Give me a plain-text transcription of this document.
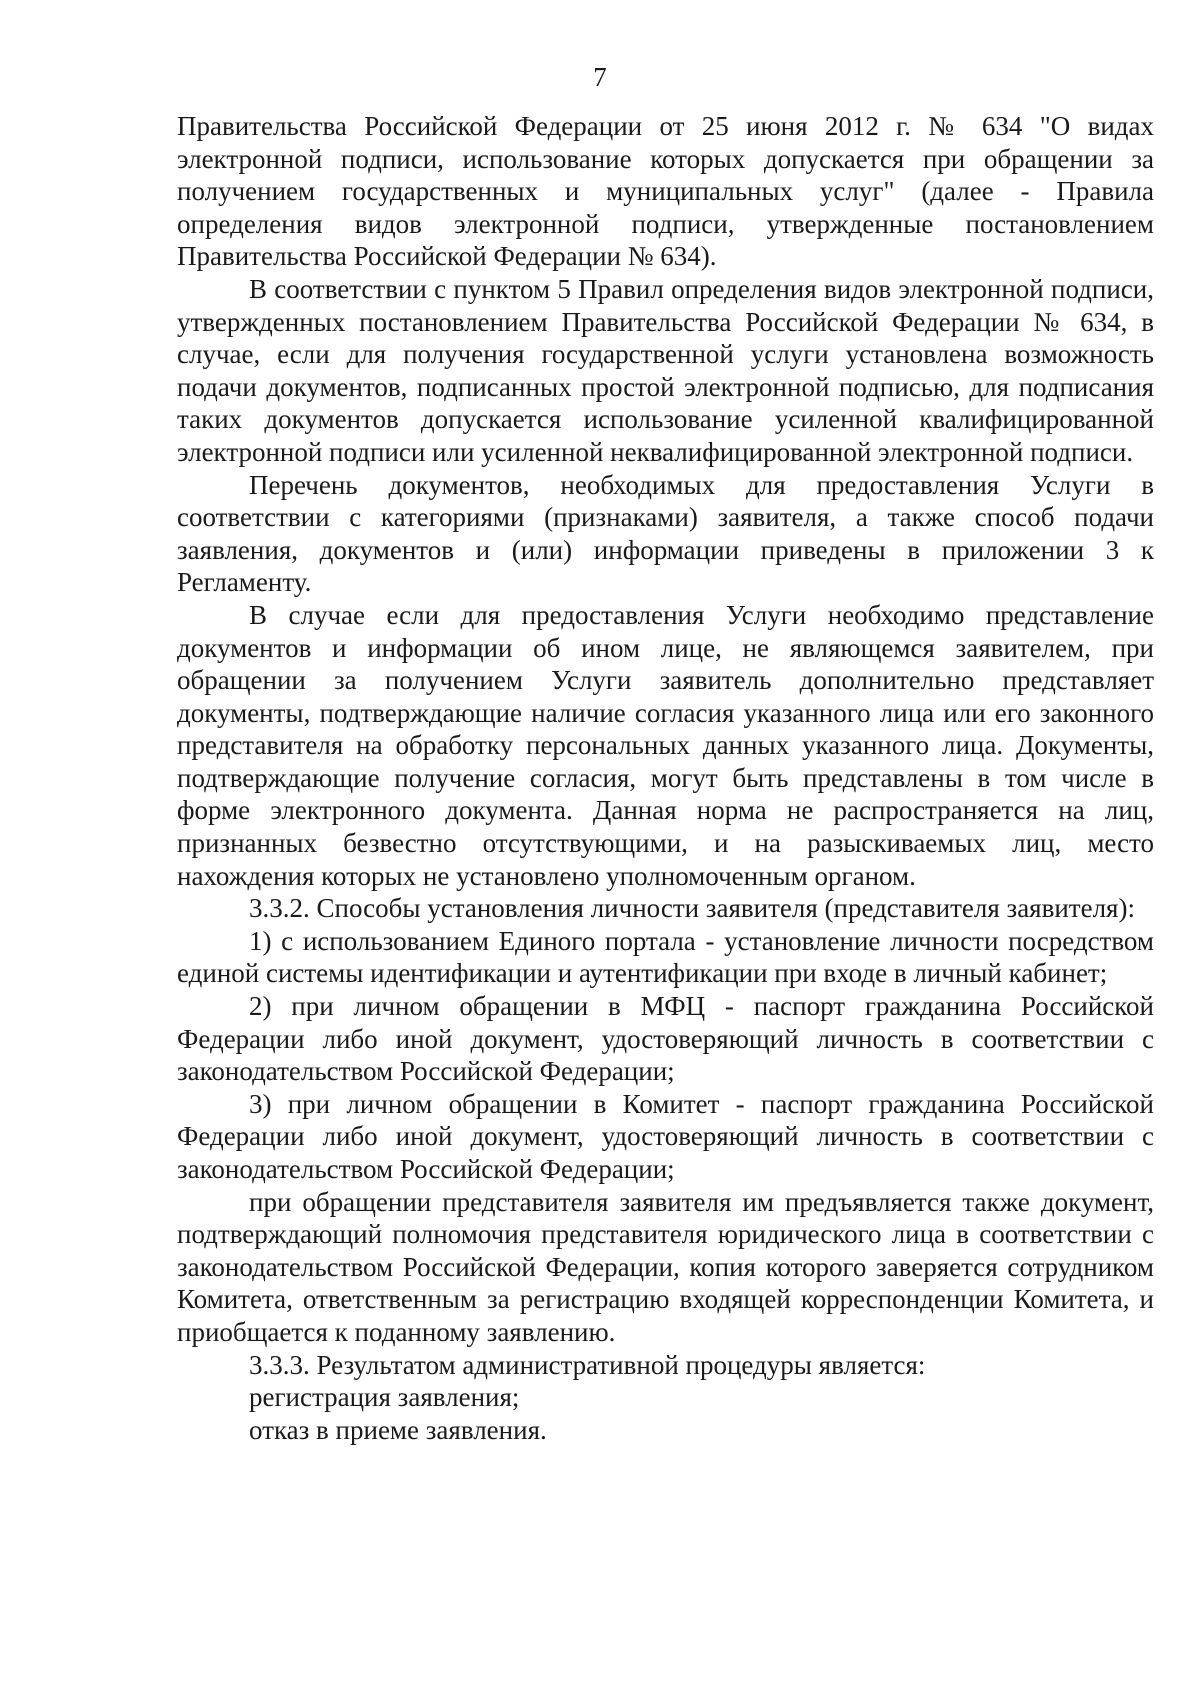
7

Правительства Российской Федерации от 25 июня 2012 г. № 634 "О видах электронной подписи, использование которых допускается при обращении за получением государственных и муниципальных услуг" (далее - Правила определения видов электронной подписи, утвержденные постановлением Правительства Российской Федерации № 634).

В соответствии с пунктом 5 Правил определения видов электронной подписи, утвержденных постановлением Правительства Российской Федерации № 634, в случае, если для получения государственной услуги установлена возможность подачи документов, подписанных простой электронной подписью, для подписания таких документов допускается использование усиленной квалифицированной электронной подписи или усиленной неквалифицированной электронной подписи.

Перечень документов, необходимых для предоставления Услуги в соответствии с категориями (признаками) заявителя, а также способ подачи заявления, документов и (или) информации приведены в приложении 3 к Регламенту.

В случае если для предоставления Услуги необходимо представление документов и информации об ином лице, не являющемся заявителем, при обращении за получением Услуги заявитель дополнительно представляет документы, подтверждающие наличие согласия указанного лица или его законного представителя на обработку персональных данных указанного лица. Документы, подтверждающие получение согласия, могут быть представлены в том числе в форме электронного документа. Данная норма не распространяется на лиц, признанных безвестно отсутствующими, и на разыскиваемых лиц, место нахождения которых не установлено уполномоченным органом.

3.3.2. Способы установления личности заявителя (представителя заявителя):

1) с использованием Единого портала - установление личности посредством единой системы идентификации и аутентификации при входе в личный кабинет;

2) при личном обращении в МФЦ - паспорт гражданина Российской Федерации либо иной документ, удостоверяющий личность в соответствии с законодательством Российской Федерации;

3) при личном обращении в Комитет - паспорт гражданина Российской Федерации либо иной документ, удостоверяющий личность в соответствии с законодательством Российской Федерации;

при обращении представителя заявителя им предъявляется также документ, подтверждающий полномочия представителя юридического лица в соответствии с законодательством Российской Федерации, копия которого заверяется сотрудником Комитета, ответственным за регистрацию входящей корреспонденции Комитета, и приобщается к поданному заявлению.

3.3.3. Результатом административной процедуры является:

регистрация заявления;

отказ в приеме заявления.
